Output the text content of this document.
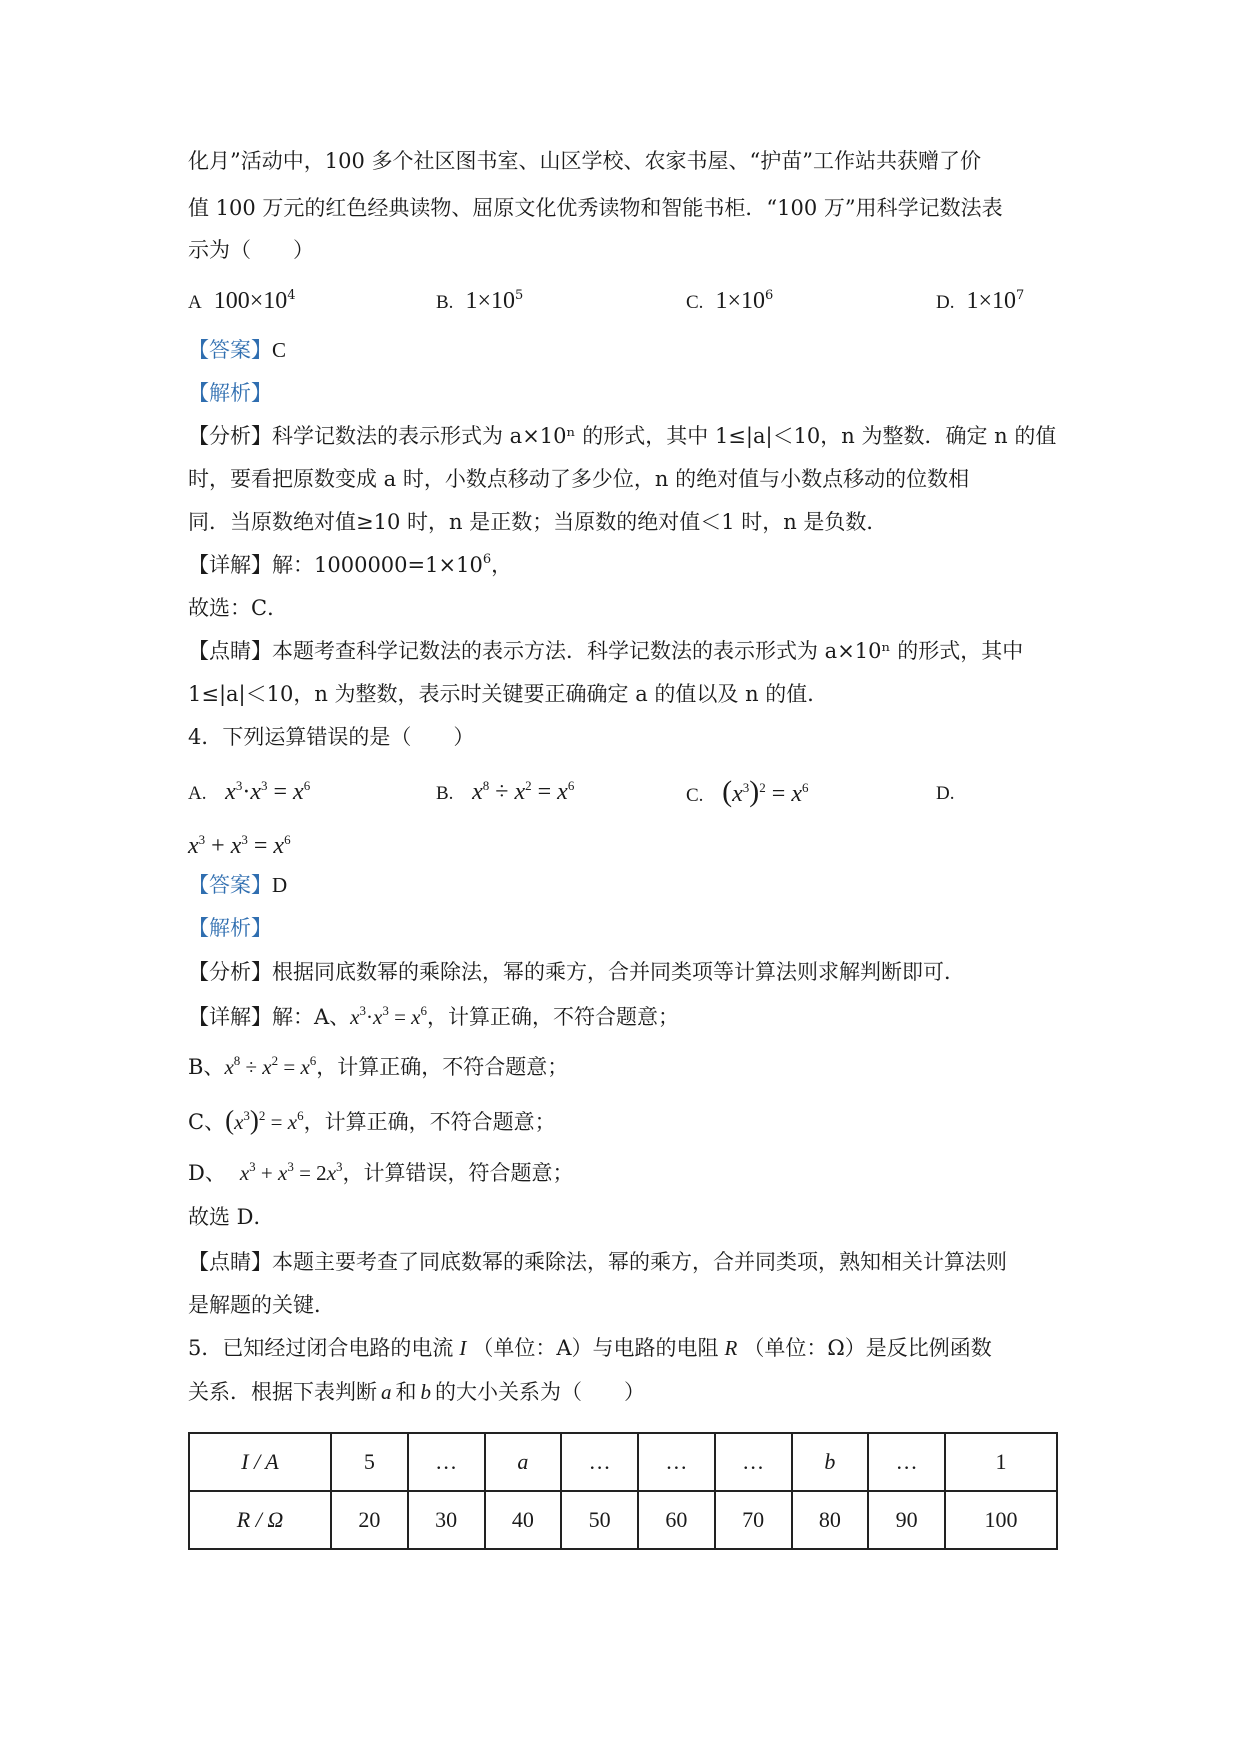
化月”活动中，100 多个社区图书室、山区学校、农家书屋、“护苗”工作站共获赠了价
值 100 万元的红色经典读物、屈原文化优秀读物和智能书柜．“100 万”用科学记数法表
示为（　　）
A $100\times 10^4$	B. $1\times 10^5$	C. $1\times 10^6$	D. $1\times 10^7$
【答案】C
【解析】
【分析】科学记数法的表示形式为 a×10ⁿ 的形式，其中 1≤|a|＜10，n 为整数．确定 n 的值
时，要看把原数变成 a 时，小数点移动了多少位，n 的绝对值与小数点移动的位数相
同．当原数绝对值≥10 时，n 是正数；当原数的绝对值＜1 时，n 是负数．
【详解】解：$1000000=1\times 10^6$，
故选：C．
【点睛】本题考查科学记数法的表示方法．科学记数法的表示形式为 a×10ⁿ 的形式，其中
1≤|a|＜10，n 为整数，表示时关键要正确确定 a 的值以及 n 的值．
4．下列运算错误的是（　　）
A. $x^3\cdot x^3 = x^6$	B. $x^8 \div x^2 = x^6$	C. $(x^3)^2 = x^6$	D.
$x^3 + x^3 = x^6$
【答案】D
【解析】
【分析】根据同底数幂的乘除法，幂的乘方，合并同类项等计算法则求解判断即可．
【详解】解：A、$x^3\cdot x^3 = x^6$，计算正确，不符合题意；
B、$x^8 \div x^2 = x^6$，计算正确，不符合题意；
C、$(x^3)^2 = x^6$，计算正确，不符合题意；
D、 $x^3 + x^3 = 2x^3$，计算错误，符合题意；
故选 D．
【点睛】本题主要考查了同底数幂的乘除法，幂的乘方，合并同类项，熟知相关计算法则
是解题的关键．
5．已知经过闭合电路的电流 I （单位：A）与电路的电阻 R （单位：Ω）是反比例函数
关系．根据下表判断 a 和 b 的大小关系为（　　）
I / A	5	…	a	…	…	…	b	…	1
R / Ω	20	30	40	50	60	70	80	90	100
